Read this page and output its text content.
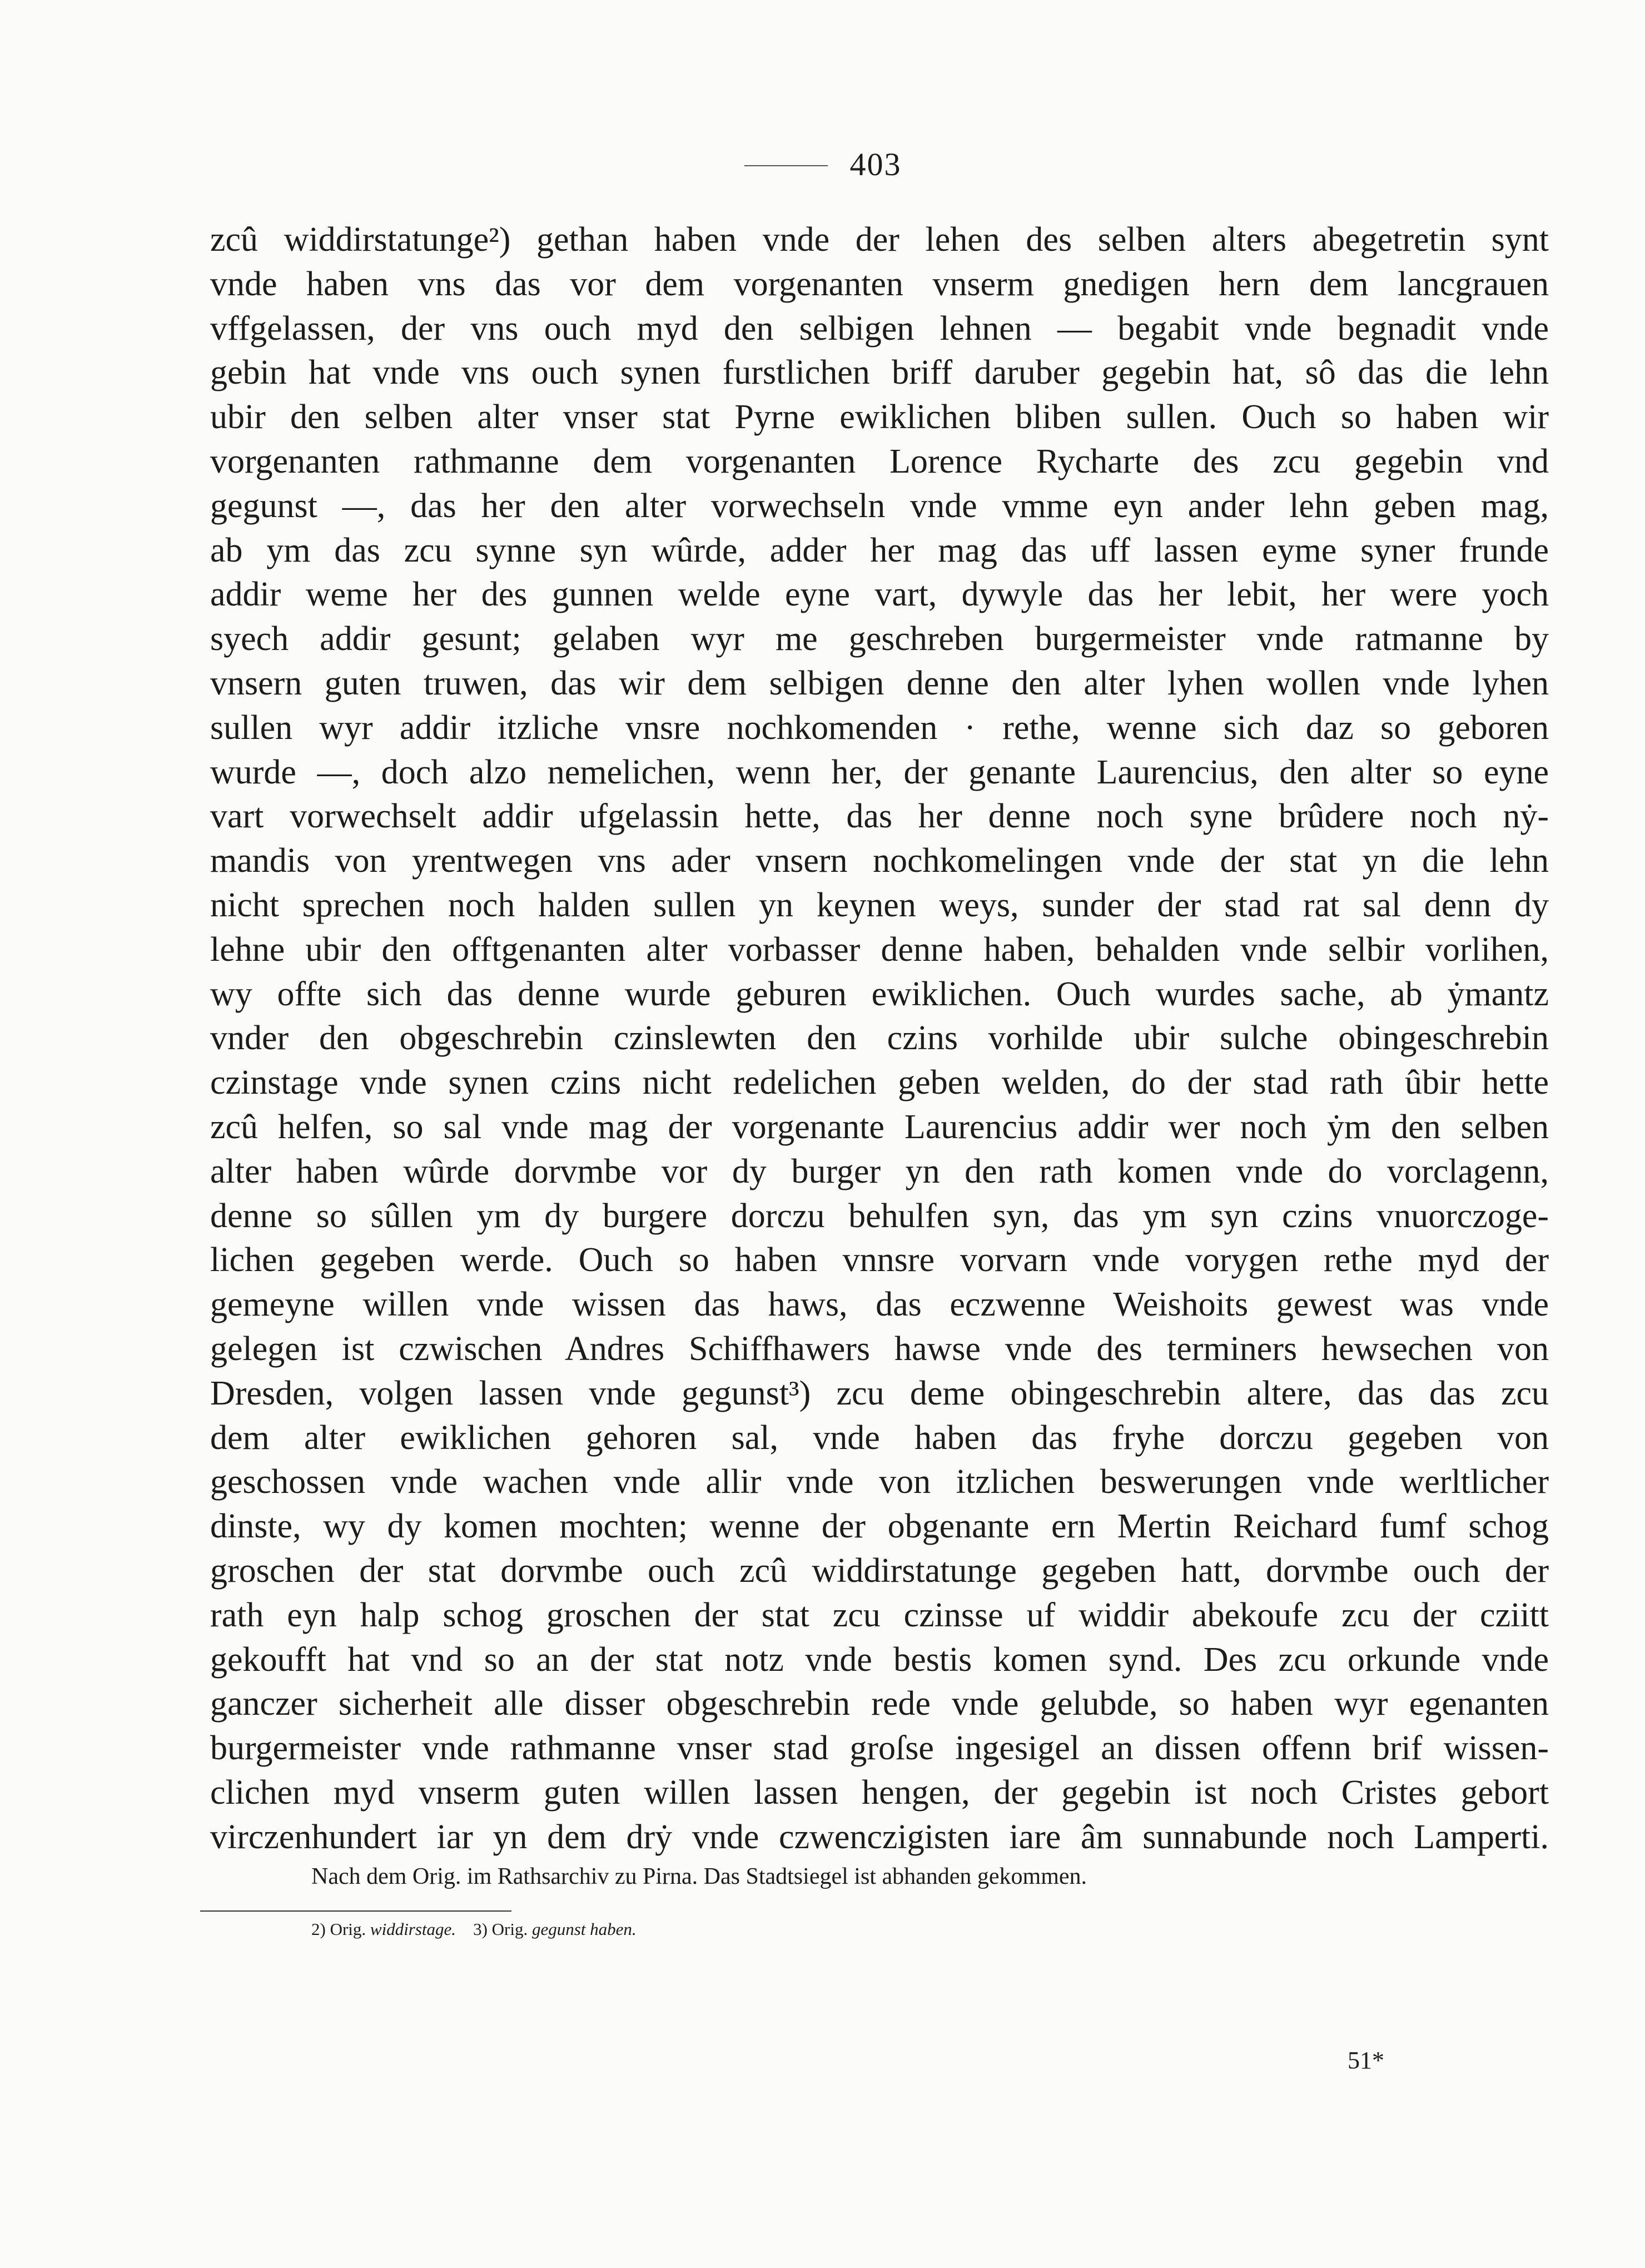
403
zcû widdirstatunge²) gethan haben vnde der lehen des selben alters abegetretin synt
vnde haben vns das vor dem vorgenanten vnserm gnedigen hern dem lancgrauen
vffgelassen, der vns ouch myd den selbigen lehnen — begabit vnde begnadit vnde
gebin hat vnde vns ouch synen furstlichen briff daruber gegebin hat, sô das die lehn
ubir den selben alter vnser stat Pyrne ewiklichen bliben sullen. Ouch so haben wir
vorgenanten rathmanne dem vorgenanten Lorence Rycharte des zcu gegebin vnd
gegunst —, das her den alter vorwechseln vnde vmme eyn ander lehn geben mag,
ab ym das zcu synne syn wûrde, adder her mag das uff lassen eyme syner frunde
addir weme her des gunnen welde eyne vart, dywyle das her lebit, her were yoch
syech addir gesunt; gelaben wyr me geschreben burgermeister vnde ratmanne by
vnsern guten truwen, das wir dem selbigen denne den alter lyhen wollen vnde lyhen
sullen wyr addir itzliche vnsre nochkomenden · rethe, wenne sich daz so geboren
wurde —, doch alzo nemelichen, wenn her, der genante Laurencius, den alter so eyne
vart vorwechselt addir ufgelassin hette, das her denne noch syne brûdere noch nẏ-
mandis von yrentwegen vns ader vnsern nochkomelingen vnde der stat yn die lehn
nicht sprechen noch halden sullen yn keynen weys, sunder der stad rat sal denn dy
lehne ubir den offtgenanten alter vorbasser denne haben, behalden vnde selbir vorlihen,
wy offte sich das denne wurde geburen ewiklichen. Ouch wurdes sache, ab ẏmantz
vnder den obgeschrebin czinslewten den czins vorhilde ubir sulche obingeschrebin
czinstage vnde synen czins nicht redelichen geben welden, do der stad rath ûbir hette
zcû helfen, so sal vnde mag der vorgenante Laurencius addir wer noch ẏm den selben
alter haben wûrde dorvmbe vor dy burger yn den rath komen vnde do vorclagenn,
denne so sûllen ym dy burgere dorczu behulfen syn, das ym syn czins vnuorczoge-
lichen gegeben werde. Ouch so haben vnnsre vorvarn vnde vorygen rethe myd der
gemeyne willen vnde wissen das haws, das eczwenne Weishoits gewest was vnde
gelegen ist czwischen Andres Schiffhawers hawse vnde des terminers hewsechen von
Dresden, volgen lassen vnde gegunst³) zcu deme obingeschrebin altere, das das zcu
dem alter ewiklichen gehoren sal, vnde haben das fryhe dorczu gegeben von
geschossen vnde wachen vnde allir vnde von itzlichen beswerungen vnde werltlicher
dinste, wy dy komen mochten; wenne der obgenante ern Mertin Reichard fumf schog
groschen der stat dorvmbe ouch zcû widdirstatunge gegeben hatt, dorvmbe ouch der
rath eyn halp schog groschen der stat zcu czinsse uf widdir abekoufe zcu der cziitt
gekoufft hat vnd so an der stat notz vnde bestis komen synd. Des zcu orkunde vnde
ganczer sicherheit alle disser obgeschrebin rede vnde gelubde, so haben wyr egenanten
burgermeister vnde rathmanne vnser stad groſse ingesigel an dissen offenn brif wissen-
clichen myd vnserm guten willen lassen hengen, der gegebin ist noch Cristes gebort
virczenhundert iar yn dem drẏ vnde czwenczigisten iare âm sunnabunde noch Lamperti.
Nach dem Orig. im Rathsarchiv zu Pirna. Das Stadtsiegel ist abhanden gekommen.
2) Orig. widdirstage. 3) Orig. gegunst haben.
51*
